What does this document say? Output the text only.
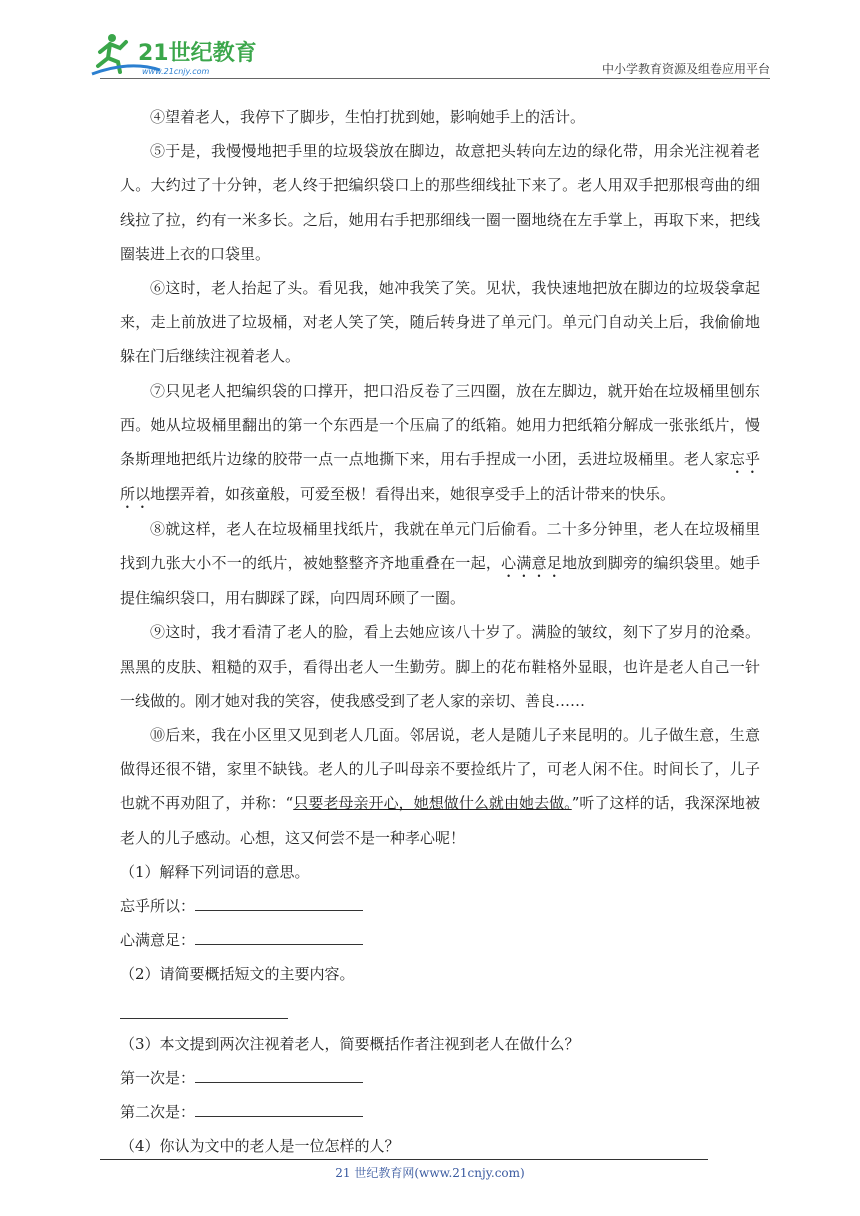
21世纪教育
www.21cnjy.com	中小学教育资源及组卷应用平台

④望着老人，我停下了脚步，生怕打扰到她，影响她手上的活计。

⑤于是，我慢慢地把手里的垃圾袋放在脚边，故意把头转向左边的绿化带，用余光注视着老人。大约过了十分钟，老人终于把编织袋口上的那些细线扯下来了。老人用双手把那根弯曲的细线拉了拉，约有一米多长。之后，她用右手把那细线一圈一圈地绕在左手掌上，再取下来，把线圈装进上衣的口袋里。

⑥这时，老人抬起了头。看见我，她冲我笑了笑。见状，我快速地把放在脚边的垃圾袋拿起来，走上前放进了垃圾桶，对老人笑了笑，随后转身进了单元门。单元门自动关上后，我偷偷地躲在门后继续注视着老人。

⑦只见老人把编织袋的口撑开，把口沿反卷了三四圈，放在左脚边，就开始在垃圾桶里刨东西。她从垃圾桶里翻出的第一个东西是一个压扁了的纸箱。她用力把纸箱分解成一张张纸片，慢条斯理地把纸片边缘的胶带一点一点地撕下来，用右手捏成一小团，丢进垃圾桶里。老人家忘乎所以地摆弄着，如孩童般，可爱至极！看得出来，她很享受手上的活计带来的快乐。

⑧就这样，老人在垃圾桶里找纸片，我就在单元门后偷看。二十多分钟里，老人在垃圾桶里找到九张大小不一的纸片，被她整整齐齐地重叠在一起，心满意足地放到脚旁的编织袋里。她手提住编织袋口，用右脚踩了踩，向四周环顾了一圈。

⑨这时，我才看清了老人的脸，看上去她应该八十岁了。满脸的皱纹，刻下了岁月的沧桑。黑黑的皮肤、粗糙的双手，看得出老人一生勤劳。脚上的花布鞋格外显眼，也许是老人自己一针一线做的。刚才她对我的笑容，使我感受到了老人家的亲切、善良……

⑩后来，我在小区里又见到老人几面。邻居说，老人是随儿子来昆明的。儿子做生意，生意做得还很不错，家里不缺钱。老人的儿子叫母亲不要捡纸片了，可老人闲不住。时间长了，儿子也就不再劝阻了，并称：“只要老母亲开心，她想做什么就由她去做。”听了这样的话，我深深地被老人的儿子感动。心想，这又何尝不是一种孝心呢！

（1）解释下列词语的意思。

忘乎所以：

心满意足：

（2）请简要概括短文的主要内容。

（3）本文提到两次注视着老人，简要概括作者注视到老人在做什么？

第一次是：

第二次是：

（4）你认为文中的老人是一位怎样的人？

21 世纪教育网(www.21cnjy.com)
